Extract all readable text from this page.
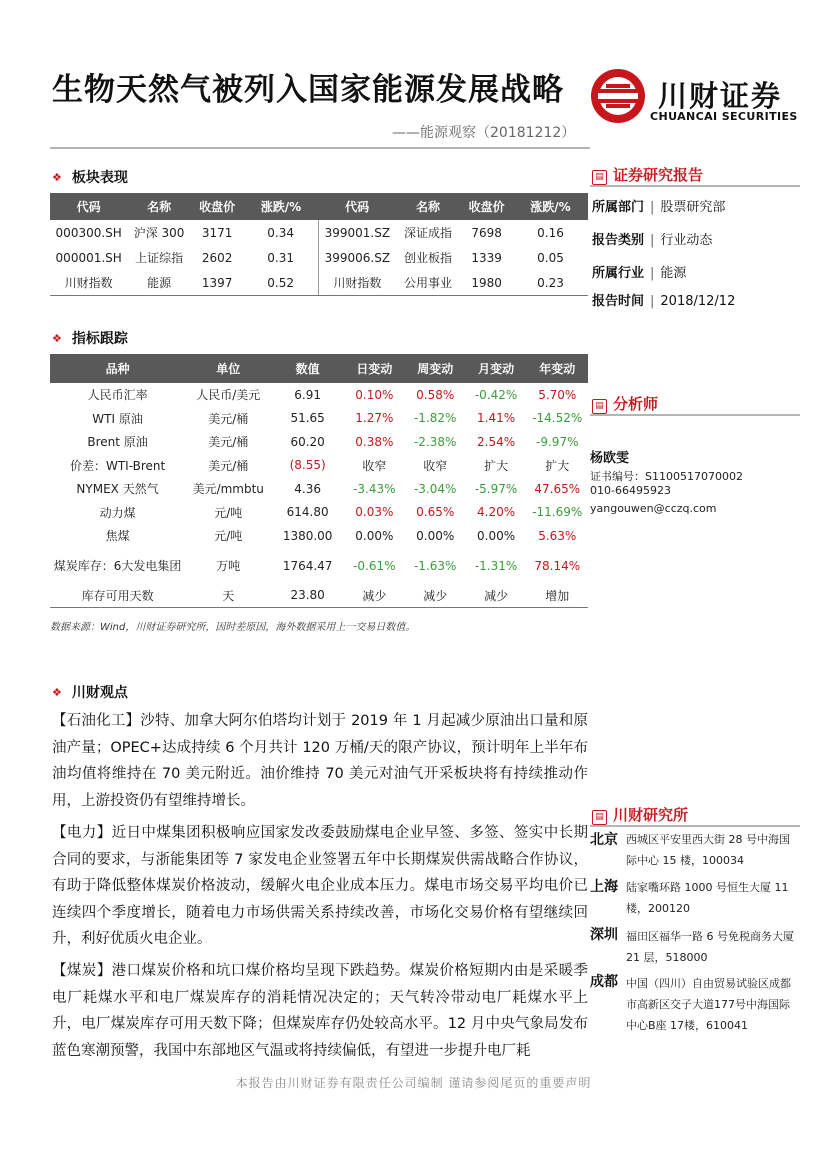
生物天然气被列入国家能源发展战略
——能源观察（20181212）
川财证券
CHUANCAI SECURITIES
❖ 板块表现
代码	名称	收盘价	涨跌/%	代码	名称	收盘价	涨跌/%
000300.SH	沪深 300	3171	0.34	399001.SZ	深证成指	7698	0.16
000001.SH	上证综指	2602	0.31	399006.SZ	创业板指	1339	0.05
川财指数	能源	1397	0.52	川财指数	公用事业	1980	0.23
❖ 指标跟踪
品种	单位	数值	日变动	周变动	月变动	年变动
人民币汇率	人民币/美元	6.91	0.10%	0.58%	-0.42%	5.70%
WTI 原油	美元/桶	51.65	1.27%	-1.82%	1.41%	-14.52%
Brent 原油	美元/桶	60.20	0.38%	-2.38%	2.54%	-9.97%
价差：WTI-Brent	美元/桶	(8.55)	收窄	收窄	扩大	扩大
NYMEX 天然气	美元/mmbtu	4.36	-3.43%	-3.04%	-5.97%	47.65%
动力煤	元/吨	614.80	0.03%	0.65%	4.20%	-11.69%
焦煤	元/吨	1380.00	0.00%	0.00%	0.00%	5.63%
煤炭库存：6大发电集团	万吨	1764.47	-0.61%	-1.63%	-1.31%	78.14%
库存可用天数	天	23.80	减少	减少	减少	增加
数据来源：Wind，川财证券研究所，因时差原因，海外数据采用上一交易日数值。
❖ 川财观点
【石油化工】沙特、加拿大阿尔伯塔均计划于 2019 年 1 月起减少原油出口量和原油产量；OPEC+达成持续 6 个月共计 120 万桶/天的限产协议，预计明年上半年布油均值将维持在 70 美元附近。油价维持 70 美元对油气开采板块将有持续推动作用，上游投资仍有望维持增长。
【电力】近日中煤集团积极响应国家发改委鼓励煤电企业早签、多签、签实中长期合同的要求，与浙能集团等 7 家发电企业签署五年中长期煤炭供需战略合作协议，有助于降低整体煤炭价格波动，缓解火电企业成本压力。煤电市场交易平均电价已连续四个季度增长，随着电力市场供需关系持续改善，市场化交易价格有望继续回升，利好优质火电企业。
【煤炭】港口煤炭价格和坑口煤价格均呈现下跌趋势。煤炭价格短期内由是采暖季电厂耗煤水平和电厂煤炭库存的消耗情况决定的；天气转冷带动电厂耗煤水平上升，电厂煤炭库存可用天数下降；但煤炭库存仍处较高水平。12 月中央气象局发布蓝色寒潮预警，我国中东部地区气温或将持续偏低，有望进一步提升电厂耗
▤ 证券研究报告
所属部门 | 股票研究部
报告类别 | 行业动态
所属行业 | 能源
报告时间 | 2018/12/12
▤ 分析师
杨欧雯
证书编号：S1100517070002
010-66495923
yangouwen@cczq.com
▤ 川财研究所
北京 西城区平安里西大街 28 号中海国际中心 15 楼，100034
上海 陆家嘴环路 1000 号恒生大厦 11 楼，200120
深圳 福田区福华一路 6 号免税商务大厦 21 层，518000
成都 中国（四川）自由贸易试验区成都市高新区交子大道177号中海国际中心B座 17楼，610041
本报告由川财证券有限责任公司编制 谨请参阅尾页的重要声明
